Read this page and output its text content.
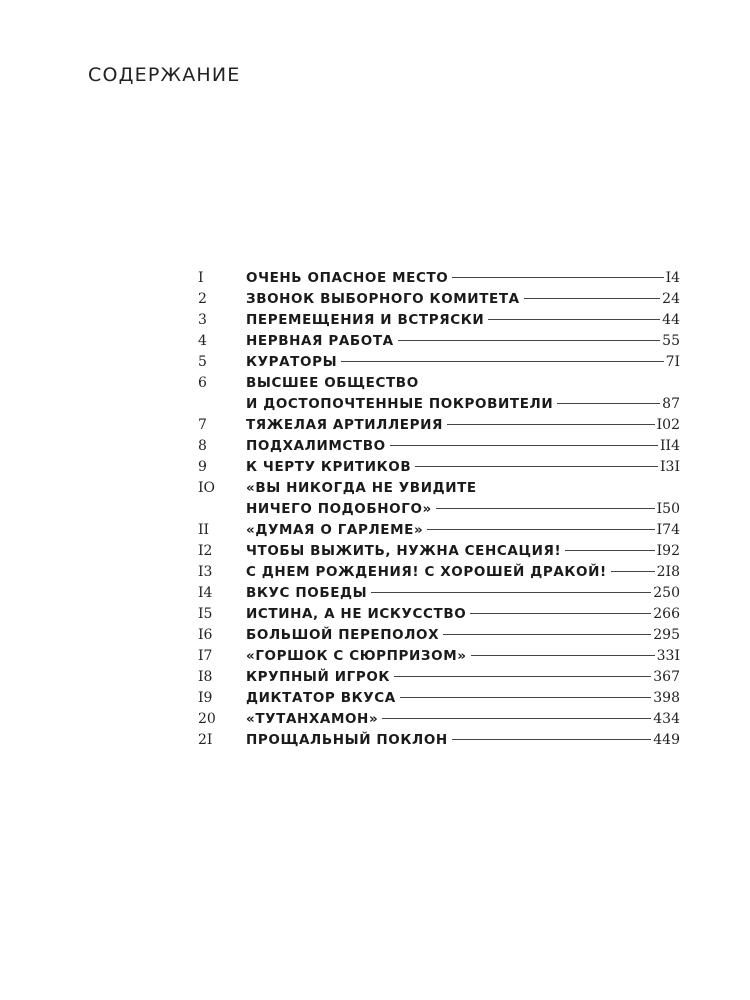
СОДЕРЖАНИЕ
I	ОЧЕНЬ ОПАСНОЕ МЕСТО	I4
2	ЗВОНОК ВЫБОРНОГО КОМИТЕТА	24
3	ПЕРЕМЕЩЕНИЯ И ВСТРЯСКИ	44
4	НЕРВНАЯ РАБОТА	55
5	КУРАТОРЫ	7I
6	ВЫСШЕЕ ОБЩЕСТВО
И ДОСТОПОЧТЕННЫЕ ПОКРОВИТЕЛИ	87
7	ТЯЖЕЛАЯ АРТИЛЛЕРИЯ	I02
8	ПОДХАЛИМСТВО	II4
9	К ЧЕРТУ КРИТИКОВ	I3I
IO	«ВЫ НИКОГДА НЕ УВИДИТЕ
НИЧЕГО ПОДОБНОГО»	I50
II	«ДУМАЯ О ГАРЛЕМЕ»	I74
I2	ЧТОБЫ ВЫЖИТЬ, НУЖНА СЕНСАЦИЯ!	I92
I3	С ДНЕМ РОЖДЕНИЯ! С ХОРОШЕЙ ДРАКОЙ!	2I8
I4	ВКУС ПОБЕДЫ	250
I5	ИСТИНА, А НЕ ИСКУССТВО	266
I6	БОЛЬШОЙ ПЕРЕПОЛОХ	295
I7	«ГОРШОК С СЮРПРИЗОМ»	33I
I8	КРУПНЫЙ ИГРОК	367
I9	ДИКТАТОР ВКУСА	398
20	«ТУТАНХАМОН»	434
2I	ПРОЩАЛЬНЫЙ ПОКЛОН	449
